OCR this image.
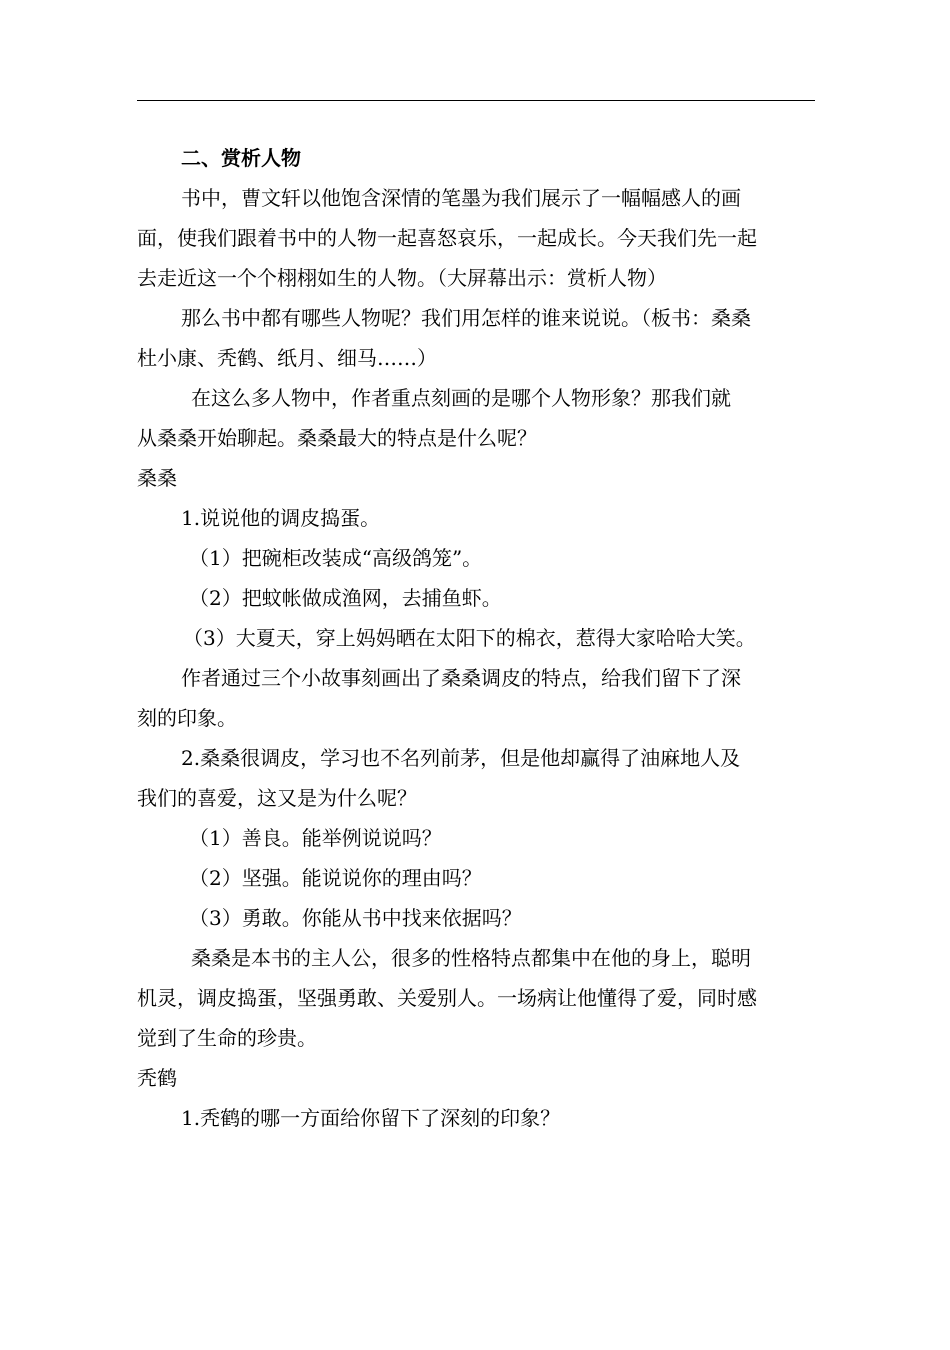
二、赏析人物
书中，曹文轩以他饱含深情的笔墨为我们展示了一幅幅感人的画
面，使我们跟着书中的人物一起喜怒哀乐，一起成长。今天我们先一起
去走近这一个个栩栩如生的人物。（大屏幕出示：赏析人物）
那么书中都有哪些人物呢？我们用怎样的谁来说说。（板书：桑桑
杜小康、秃鹤、纸月、细马……）
在这么多人物中，作者重点刻画的是哪个人物形象？那我们就
从桑桑开始聊起。桑桑最大的特点是什么呢？
桑桑
1.说说他的调皮捣蛋。
（1）把碗柜改装成“高级鸽笼”。
（2）把蚊帐做成渔网，去捕鱼虾。
（3）大夏天，穿上妈妈晒在太阳下的棉衣，惹得大家哈哈大笑。
作者通过三个小故事刻画出了桑桑调皮的特点，给我们留下了深
刻的印象。
2.桑桑很调皮，学习也不名列前茅，但是他却赢得了油麻地人及
我们的喜爱，这又是为什么呢？
（1）善良。能举例说说吗？
（2）坚强。能说说你的理由吗？
（3）勇敢。你能从书中找来依据吗？
桑桑是本书的主人公，很多的性格特点都集中在他的身上，聪明
机灵，调皮捣蛋，坚强勇敢、关爱别人。一场病让他懂得了爱，同时感
觉到了生命的珍贵。
秃鹤
1.秃鹤的哪一方面给你留下了深刻的印象？
